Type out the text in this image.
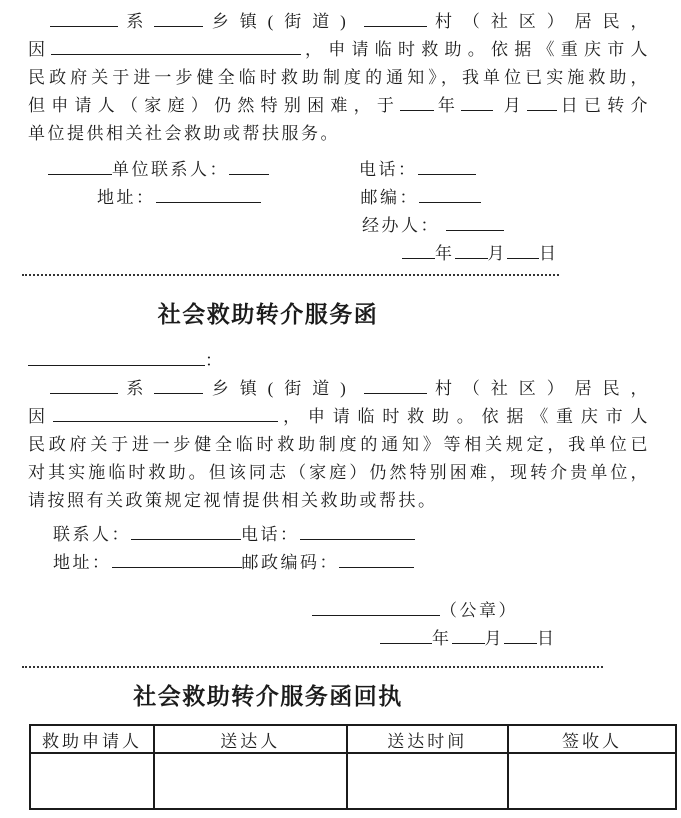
系	乡镇(街道)	村（社区）居民，
因	，申请临时救助。依据《重庆市人
民政府关于进一步健全临时救助制度的通知》，我单位已实施救助，
但申请人（家庭）仍然特别困难，于 年 月 日已转介
单位提供相关社会救助或帮扶服务。
单位联系人：	电话：
地址：	邮编：
经办人：
年 月 日
社会救助转介服务函
：
系	乡镇(街道)	村（社区）居民，
因	，申请临时救助。依据《重庆市人
民政府关于进一步健全临时救助制度的通知》等相关规定，我单位已
对其实施临时救助。但该同志（家庭）仍然特别困难，现转介贵单位，
请按照有关政策规定视情提供相关救助或帮扶。
联系人：	电话：
地址：	邮政编码：
（公章）
年 月 日
社会救助转介服务函回执
救助申请人	送达人	送达时间	签收人
